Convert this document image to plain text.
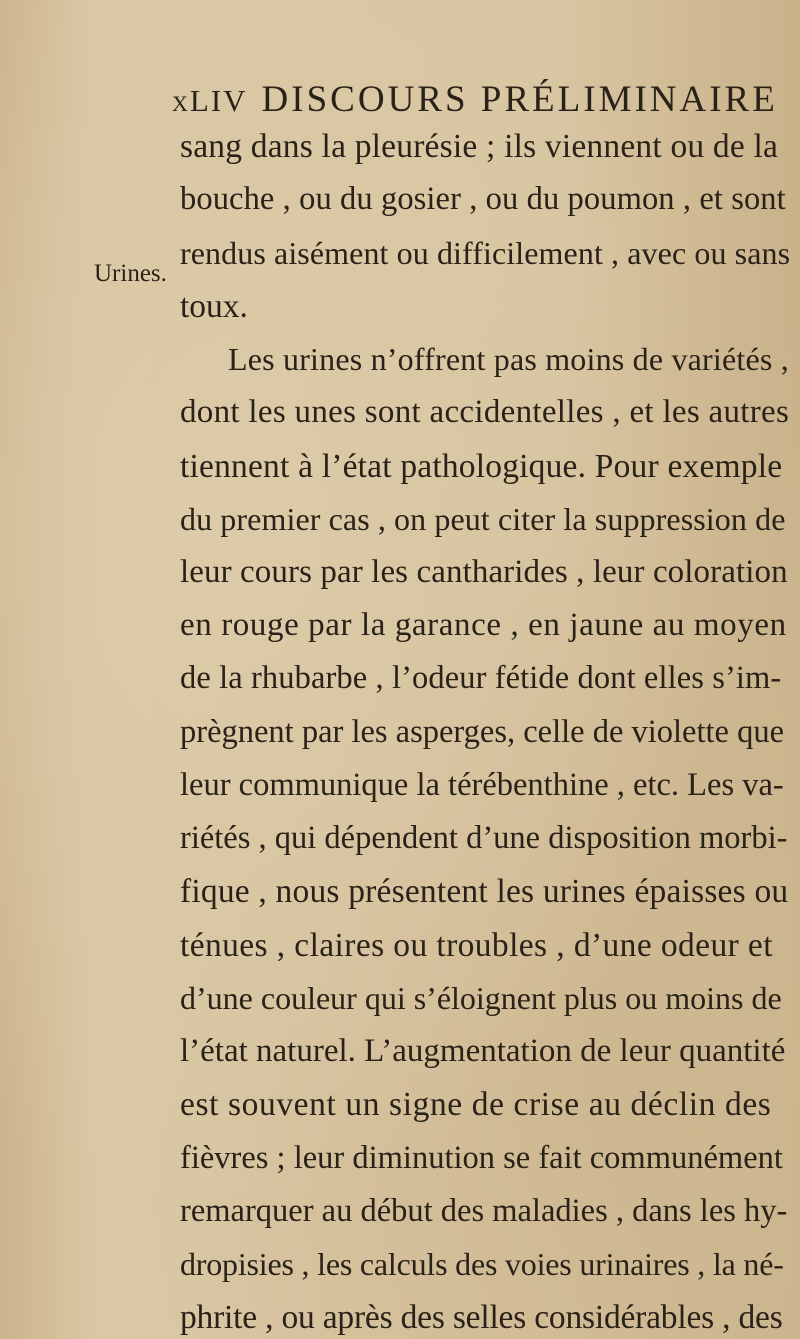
xLIV DISCOURS PRÉLIMINAIRE
Urines.
sang dans la pleurésie ; ils viennent ou de la
bouche , ou du gosier , ou du poumon , et sont
rendus aisément ou difficilement , avec ou sans
toux.
Les urines n’offrent pas moins de variétés ,
dont les unes sont accidentelles , et les autres
tiennent à l’état pathologique. Pour exemple
du premier cas , on peut citer la suppression de
leur cours par les cantharides , leur coloration
en rouge par la garance , en jaune au moyen
de la rhubarbe , l’odeur fétide dont elles s’im-
prègnent par les asperges, celle de violette que
leur communique la térébenthine , etc. Les va-
riétés , qui dépendent d’une disposition morbi-
fique , nous présentent les urines épaisses ou
ténues , claires ou troubles , d’une odeur et
d’une couleur qui s’éloignent plus ou moins de
l’état naturel. L’augmentation de leur quantité
est souvent un signe de crise au déclin des
fièvres ; leur diminution se fait communément
remarquer au début des maladies , dans les hy-
dropisies , les calculs des voies urinaires , la né-
phrite , ou après des selles considérables , des
